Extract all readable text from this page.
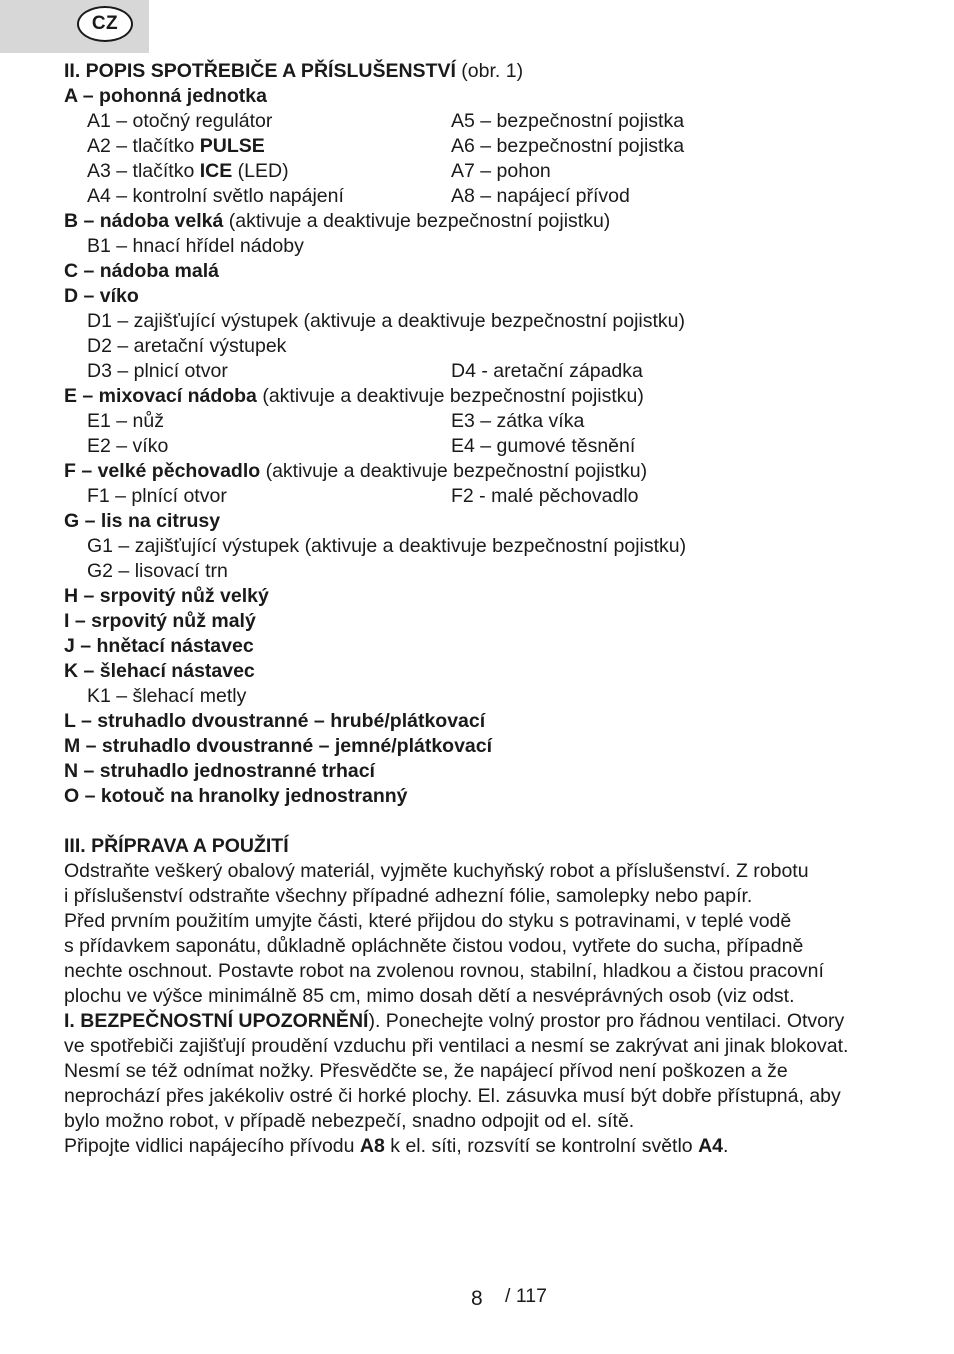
CZ
II. POPIS SPOTŘEBIČE A PŘÍSLUŠENSTVÍ (obr. 1)
A – pohonná jednotka
A1 – otočný regulátor	A5 – bezpečnostní pojistka
A2 – tlačítko PULSE	A6 – bezpečnostní pojistka
A3 – tlačítko ICE (LED)	A7 – pohon
A4 – kontrolní světlo napájení	A8 – napájecí přívod
B – nádoba velká (aktivuje a deaktivuje bezpečnostní pojistku)
B1 – hnací hřídel nádoby
C – nádoba malá
D – víko
D1 – zajišťující výstupek (aktivuje a deaktivuje bezpečnostní pojistku)
D2 – aretační výstupek
D3 – plnicí otvor	D4 - aretační západka
E – mixovací nádoba (aktivuje a deaktivuje bezpečnostní pojistku)
E1 – nůž	E3 – zátka víka
E2 – víko	E4 – gumové těsnění
F – velké pěchovadlo (aktivuje a deaktivuje bezpečnostní pojistku)
F1 – plnící otvor	F2 - malé pěchovadlo
G – lis na citrusy
G1 – zajišťující výstupek (aktivuje a deaktivuje bezpečnostní pojistku)
G2 – lisovací trn
H – srpovitý nůž velký
I – srpovitý nůž malý
J – hnětací nástavec
K – šlehací nástavec
K1 – šlehací metly
L – struhadlo dvoustranné – hrubé/plátkovací
M – struhadlo dvoustranné – jemné/plátkovací
N – struhadlo jednostranné trhací
O – kotouč na hranolky jednostranný
III. PŘÍPRAVA A POUŽITÍ
Odstraňte veškerý obalový materiál, vyjměte kuchyňský robot a příslušenství. Z robotu
i příslušenství odstraňte všechny případné adhezní fólie, samolepky nebo papír.
Před prvním použitím umyjte části, které přijdou do styku s potravinami, v teplé vodě
s přídavkem saponátu, důkladně opláchněte čistou vodou, vytřete do sucha, případně
nechte oschnout. Postavte robot na zvolenou rovnou, stabilní, hladkou a čistou pracovní
plochu ve výšce minimálně 85 cm, mimo dosah dětí a nesvéprávných osob (viz odst.
I. BEZPEČNOSTNÍ UPOZORNĚNÍ). Ponechejte volný prostor pro řádnou ventilaci. Otvory
ve spotřebiči zajišťují proudění vzduchu při ventilaci a nesmí se zakrývat ani jinak blokovat.
Nesmí se též odnímat nožky. Přesvědčte se, že napájecí přívod není poškozen a že
neprochází přes jakékoliv ostré či horké plochy. El. zásuvka musí být dobře přístupná, aby
bylo možno robot, v případě nebezpečí, snadno odpojit od el. sítě.
Připojte vidlici napájecího přívodu A8 k el. síti, rozsvítí se kontrolní světlo A4.
8 / 117
